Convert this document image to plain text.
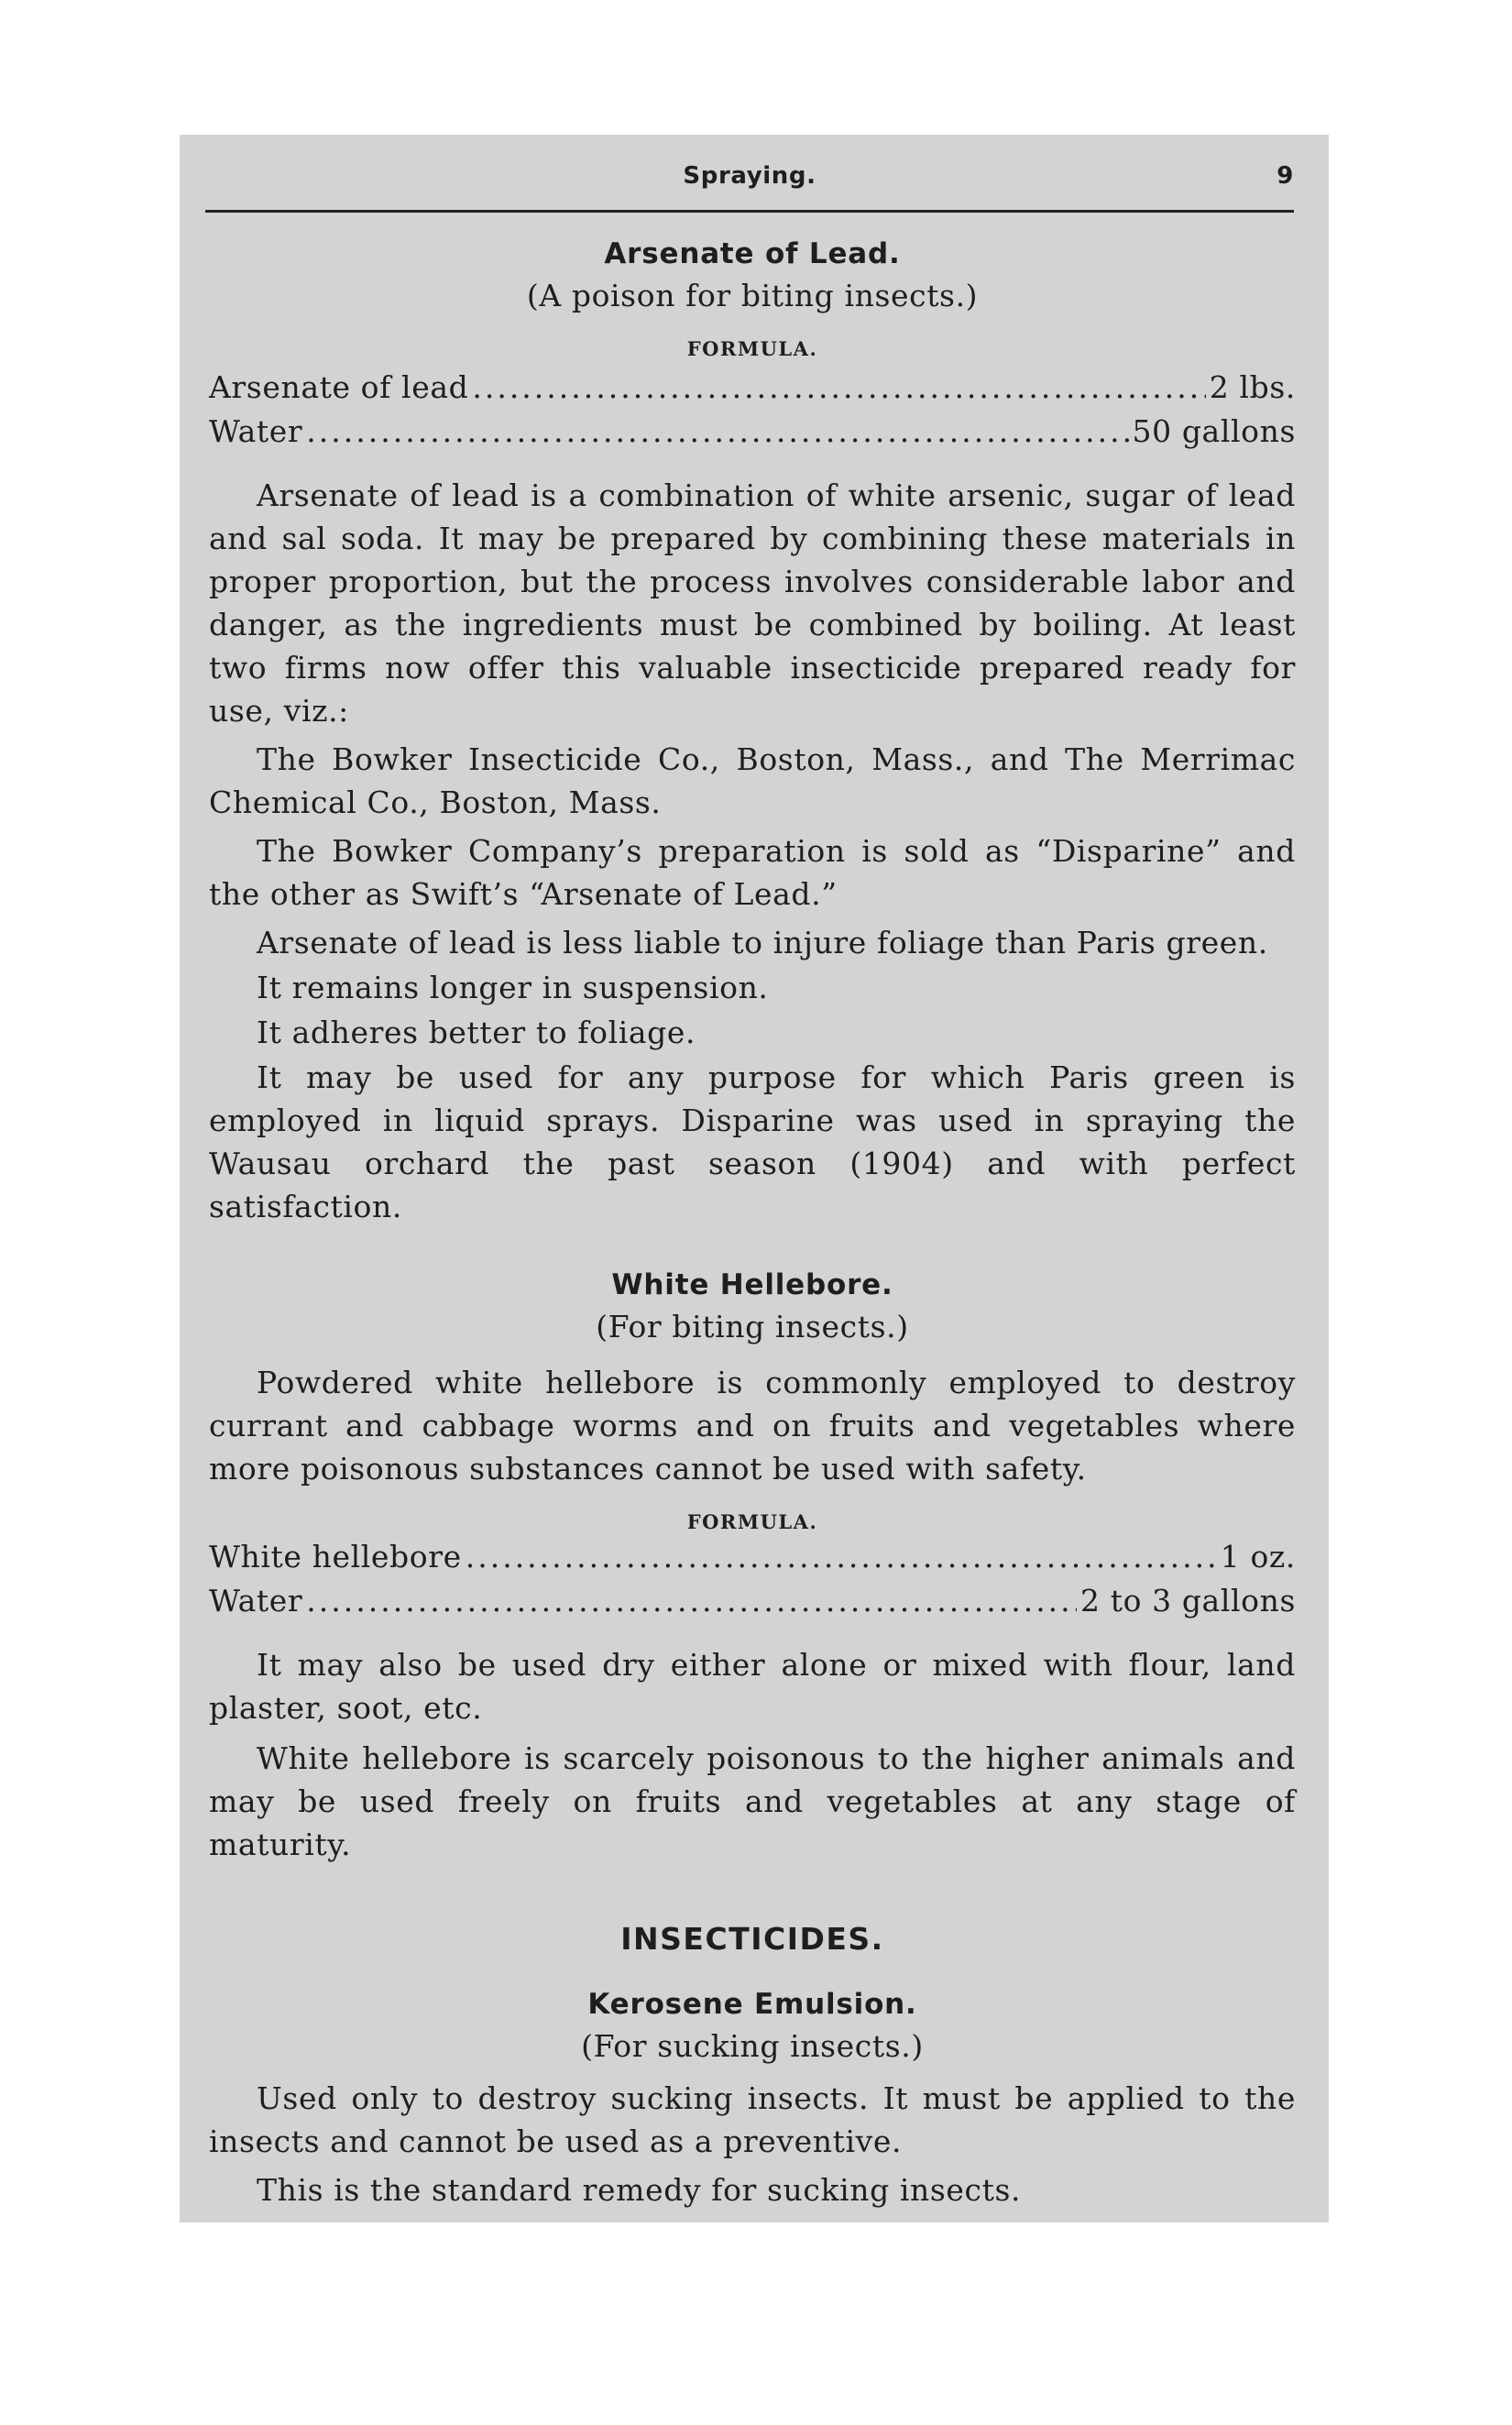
Spraying.	9
Arsenate of Lead.
(A poison for biting insects.)
FORMULA.
Arsenate of lead .....	2 lbs.
Water .....	50 gallons

Arsenate of lead is a combination of white arsenic, sugar of lead and sal soda. It may be prepared by combining these materials in proper proportion, but the process involves considerable labor and danger, as the ingredients must be combined by boiling. At least two firms now offer this valuable insecticide prepared ready for use, viz.:

The Bowker Insecticide Co., Boston, Mass., and The Merrimac Chemical Co., Boston, Mass.

The Bowker Company’s preparation is sold as “Disparine” and the other as Swift’s “Arsenate of Lead.”

Arsenate of lead is less liable to injure foliage than Paris green.

It remains longer in suspension.

It adheres better to foliage.

It may be used for any purpose for which Paris green is employed in liquid sprays. Disparine was used in spraying the Wausau orchard the past season (1904) and with perfect satisfaction.

White Hellebore.
(For biting insects.)

Powdered white hellebore is commonly employed to destroy currant and cabbage worms and on fruits and vegetables where more poisonous substances cannot be used with safety.

FORMULA.
White hellebore .....	1 oz.
Water .....	2 to 3 gallons

It may also be used dry either alone or mixed with flour, land plaster, soot, etc.

White hellebore is scarcely poisonous to the higher animals and may be used freely on fruits and vegetables at any stage of maturity.

INSECTICIDES.
Kerosene Emulsion.
(For sucking insects.)

Used only to destroy sucking insects. It must be applied to the insects and cannot be used as a preventive.

This is the standard remedy for sucking insects.
